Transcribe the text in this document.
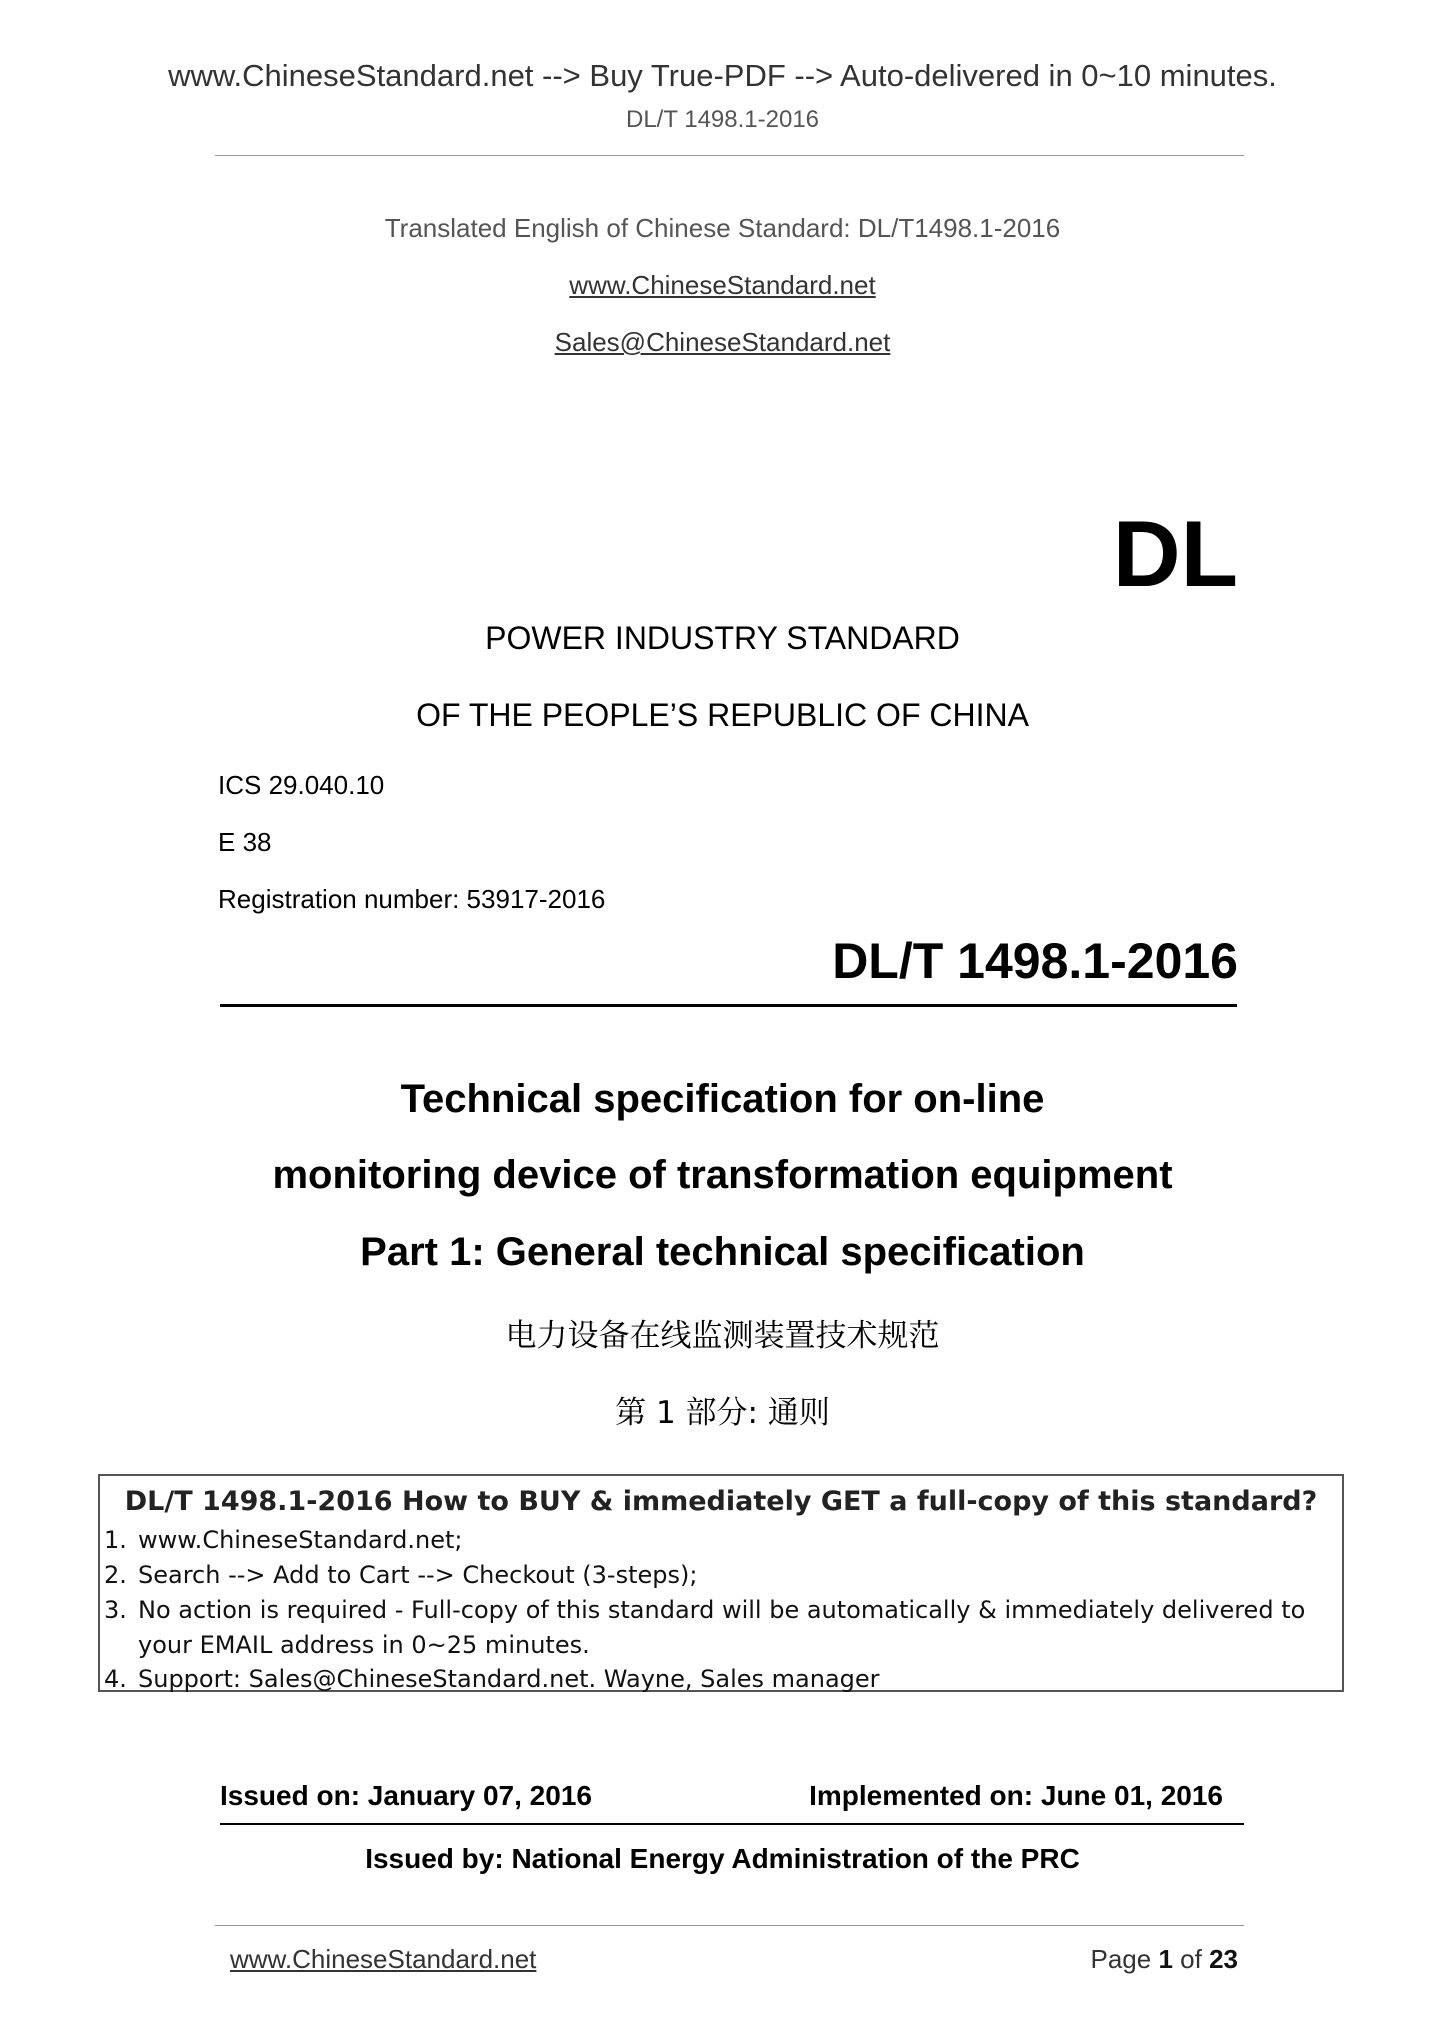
www.ChineseStandard.net --> Buy True-PDF --> Auto-delivered in 0~10 minutes.
DL/T 1498.1-2016
Translated English of Chinese Standard: DL/T1498.1-2016
www.ChineseStandard.net
Sales@ChineseStandard.net
DL
POWER INDUSTRY STANDARD
OF THE PEOPLE’S REPUBLIC OF CHINA
ICS 29.040.10
E 38
Registration number: 53917-2016
DL/T 1498.1-2016
Technical specification for on-line
monitoring device of transformation equipment
Part 1: General technical specification
电力设备在线监测装置技术规范
第 1 部分: 通则
DL/T 1498.1-2016 How to BUY & immediately GET a full-copy of this standard?
1. www.ChineseStandard.net;
2. Search --> Add to Cart --> Checkout (3-steps);
3. No action is required - Full-copy of this standard will be automatically & immediately delivered to
your EMAIL address in 0~25 minutes.
4. Support: Sales@ChineseStandard.net. Wayne, Sales manager
Issued on: January 07, 2016	Implemented on: June 01, 2016
Issued by: National Energy Administration of the PRC
www.ChineseStandard.net	Page 1 of 23
